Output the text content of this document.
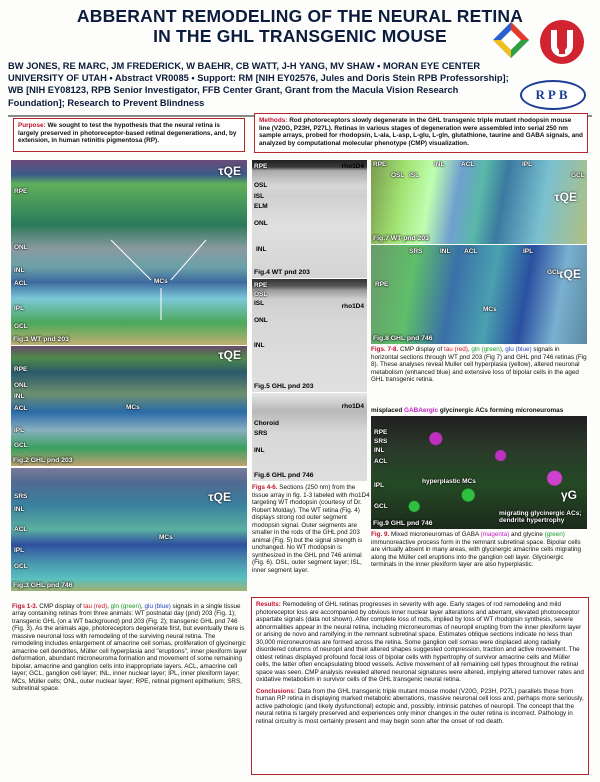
ABBERANT REMODELING OF THE NEURAL RETINA
IN THE GHL TRANSGENIC MOUSE
RPB
BW JONES, RE MARC, JM FREDERICK, W BAEHR, CB WATT, J-H YANG, MV SHAW • MORAN EYE CENTER
UNIVERSITY OF UTAH • Abstract VR0085 • Support: RM [NIH EY02576, Jules and Doris Stein RPB Professorship];
WB [NIH EY08123, RPB Senior Investigator, FFB Center Grant, Grant from the Macula Vision Research
Foundation]; Research to Prevent Blindness
Purpose: We sought to test the hypothesis that the neural retina is largely preserved in photoreceptor-based retinal degenerations, and, by extension, in human retinitis pigmentosa (RP).
Methods: Rod photoreceptors slowly degenerate in the GHL transgenic triple mutant rhodopsin mouse line (V20G, P23H, P27L). Retinas in various stages of degeneration were assembled into serial 250 nm sample arrays, probed for rhodopsin, L-ala, L-asp, L-glu, L-gln, glutathione, taurine and GABA signals, and analyzed by computational molecular phenotype (CMP) visualization.
τQE
RPE
ONL
INL
ACL
IPL
GCL
MCs
Fig.1 WT pnd 203
τQE
RPE
ONL
INL
ACL
IPL
GCL
MCs
Fig.2 GHL pnd 203
τQE
SRS
INL
ACL
IPL
GCL
MCs
Fig.3 GHL pnd 746
rho1D4
RPE
OSL
ISL
ELM
ONL
INL
Fig.4 WT pnd 203
rho1D4
RPE
OSL
ISL
ONL
INL
Fig.5 GHL pnd 203
rho1D4
Choroid
SRS
INL
Fig.6 GHL pnd 746
Figs 4-6. Sections (250 nm) from the tissue array in fig. 1-3 labeled with rho1D4 targeting WT rhodopsin (courtesy of Dr. Robert Molday). The WT retina (Fig. 4) displays strong rod outer segment rhodopsin signal. Outer segments are smaller in the rods of the GHL pnd 203 animal (Fig. 5) but the signal strength is unchanged. No WT rhodopsin is synthesized in the GHL pnd 746 animal (Fig. 6). OSL, outer segment layer; ISL, inner segment layer.
τQE
RPE
OSL ISL
INL	ACL	IPL
GCL
Fig.7 WT pnd 203
τQE
SRS	INL ACL	IPL
RPE
GCL
MCs
Fig.8 GHL pnd 746
Figs. 7-8. CMP display of tau (red), gln (green), glu (blue) signals in horizontal sections through WT pnd 203 (Fig 7) and GHL pnd 746 retinas (Fig 8). These analyses reveal Muller cell hyperplasia (yellow), altered neuronal metabolism (enhanced blue) and extensive loss of bipolar cells in the aged GHL transgenic retina.
misplaced GABAergic glycinergic ACs forming microneuromas
γG
RPE
SRS
INL
ACL
IPL
GCL
hyperplastic MCs
migrating glycinergic ACs; dendrite hypertrophy
Fig.9 GHL pnd 746
Fig. 9. Mixed microneuromas of GABA (magenta) and glycine (green) immunoreactive process form in the remnant subretinal space. Bipolar cells are virtually absent in many areas, with glycinergic amacrine cells migrating along the Müller cell eruptions into the ganglion cell layer. Glycinergic terminals in the inner plexiform layer are also hyperplastic.
Figs 1-3. CMP display of tau (red), gln (green), glu (blue) signals in a single tissue array containing retinas from three animals: WT postnatal day (pnd) 203 (Fig. 1); transgenic GHL (on a WT background) pnd 203 (Fig. 2); transgenic GHL pnd 746 (Fig. 3). As the animals age, photoreceptors degenerate first, but eventually there is massive neuronal loss with remodeling of the surviving neural retina. The remodeling includes enlargement of amacrine cell somas, proliferation of glycinergic amacrine cell dendrites, Müller cell hyperplasia and "eruptions", inner plexiform layer deformation, abundant microneuroma formation and movement of some remaining bipolar, amacrine and ganglion cells into inappropriate layers. ACL, amacrine cell layer; GCL, ganglion cell layer; INL, inner nuclear layer; IPL, inner plexiform layer; MCs, Müller cells; ONL, outer nuclear layer; RPE, retinal pigment epithelium; SRS, subretinal space.
Results: Remodeling of GHL retinas progresses in severity with age. Early stages of rod remodeling and mild photoreceptor loss are accompanied by obvious inner nuclear layer alterations and aberrant, elevated photoreceptor aspartate signals (data not shown). After complete loss of rods, implied by loss of WT rhodopsin synthesis, severe abnormalities appear in the neural retina, including microneuromas of neuropil erupting from the inner plexiform layer or arising de novo and ramifying in the remnant subretinal space. Estimates oblique sections indicate no less than 30,000 microneuromas are formed across the retina. Some ganglion cell somas were displaced along radially disordered columns of neuropil and their altered shapes suggested compression, traction and active movement. The oldest retinas displayed profound focal loss of bipolar cells with hypertrophy of survivor amacrine cells and Müller cells, the latter often encapsulating blood vessels. Active movement of all remaining cell types throughout the retinal space was seen. CMP analysis revealed altered neuronal signatures were altered, implying altered turnover rates and oxidative metabolism in survivor cells of the GHL transgenic neural retina.
Conclusions: Data from the GHL transgenic triple mutant mouse model (V20G, P23H, P27L) parallels those from human RP retina in displaying marked metabolic aberrations, massive neuronal cell loss and, perhaps more seriously, active pathologic (and likely dysfunctional) ectopic and, possibly, intrinsic patches of neuropil. The concept that the neural retina is largely preserved and experiences only minor changes in the outer retina is incorrect. Pathology in retinal circuitry is most certainly present and may begin soon after the onset of rod death.
